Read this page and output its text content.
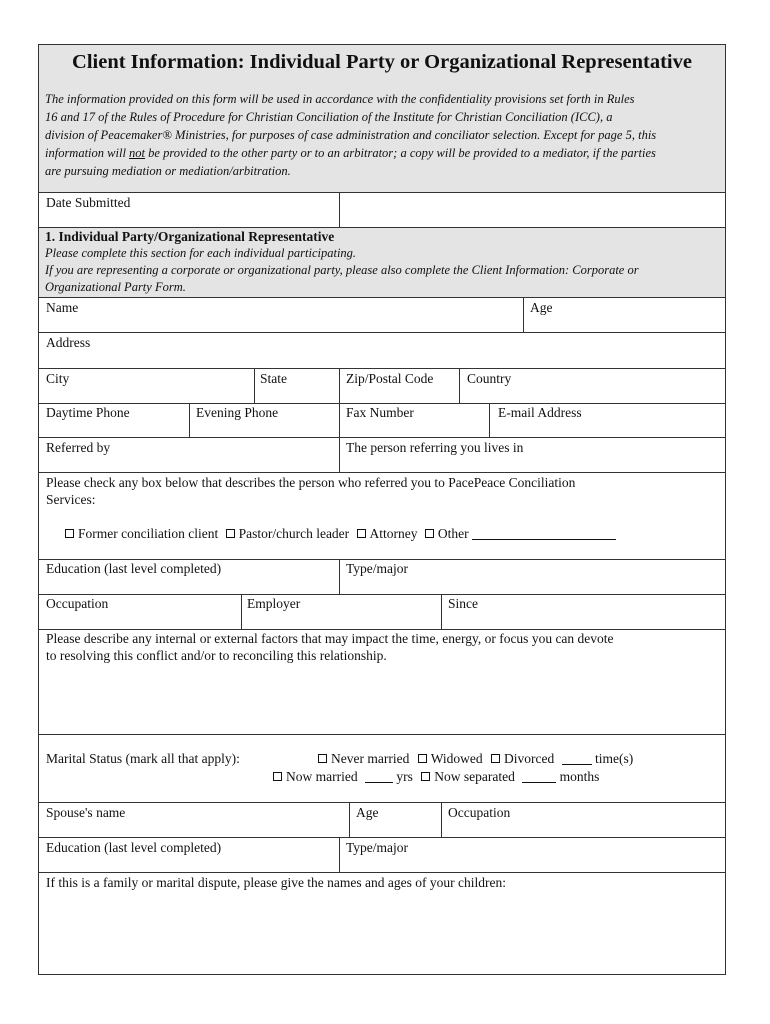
Client Information: Individual Party or Organizational Representative
The information provided on this form will be used in accordance with the confidentiality provisions set forth in Rules
16 and 17 of the Rules of Procedure for Christian Conciliation of the Institute for Christian Conciliation (ICC), a
division of Peacemaker® Ministries, for purposes of case administration and conciliator selection. Except for page 5, this
information will not be provided to the other party or to an arbitrator; a copy will be provided to a mediator, if the parties
are pursuing mediation or mediation/arbitration.
1. Individual Party/Organizational Representative
Please complete this section for each individual participating.
If you are representing a corporate or organizational party, please also complete the Client Information: Corporate or
Organizational Party Form.
Date Submitted
Name	Age
Address
City	State	Zip/Postal Code Country
Daytime Phone	Evening Phone	Fax Number	E-mail Address
Referred by	The person referring you lives in
Please check any box below that describes the person who referred you to PacePeace Conciliation
Services:
Former conciliation client Pastor/church leader Attorney Other
Education (last level completed)	Type/major
Occupation	Employer	Since
Please describe any internal or external factors that may impact the time, energy, or focus you can devote
to resolving this conflict and/or to reconciling this relationship.
Marital Status (mark all that apply):	Never married Widowed Divorced	time(s)
Now married	yrs Now separated	months
Spouse's name	Age	Occupation
Education (last level completed)	Type/major
If this is a family or marital dispute, please give the names and ages of your children:
